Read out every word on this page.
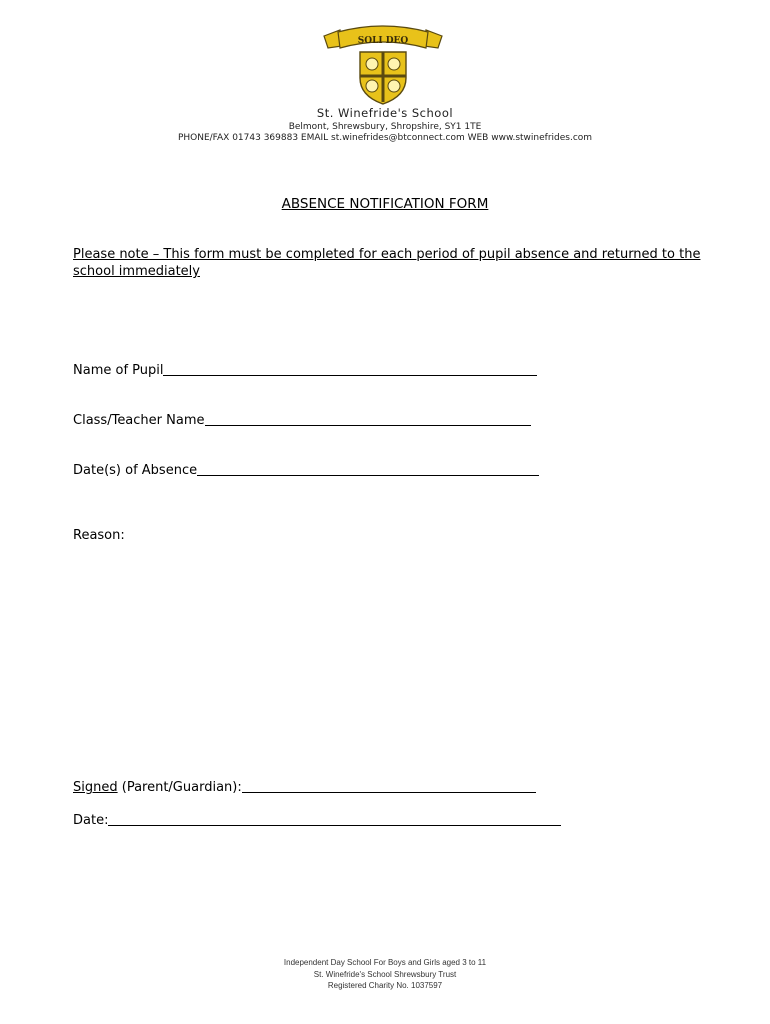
SOLI DEO
St. Winefride's School
Belmont, Shrewsbury, Shropshire, SY1 1TE
PHONE/FAX 01743 369883 EMAIL st.winefrides@btconnect.com WEB www.stwinefrides.com
ABSENCE NOTIFICATION FORM
Please note – This form must be completed for each period of pupil absence and returned to the school immediately
Name of Pupil
Class/Teacher Name
Date(s) of Absence
Reason:
Signed (Parent/Guardian):
Date:
Independent Day School For Boys and Girls aged 3 to 11
St. Winefride's School Shrewsbury Trust
Registered Charity No. 1037597
